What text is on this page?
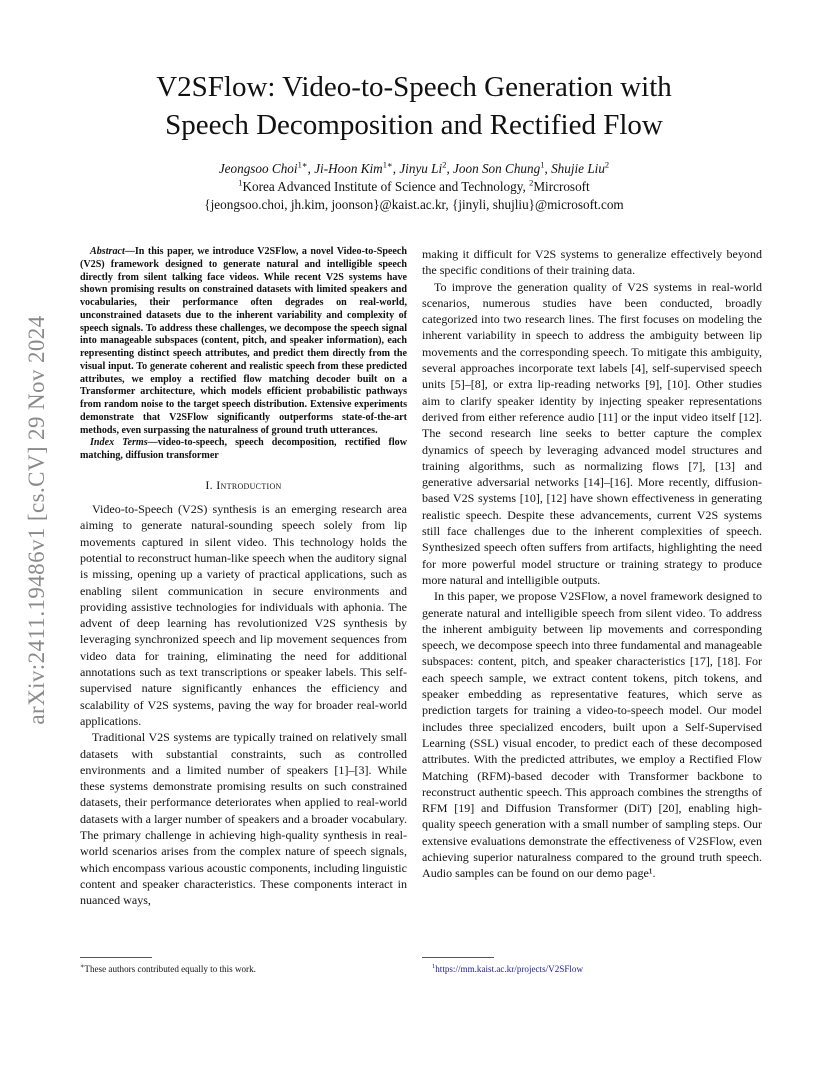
arXiv:2411.19486v1 [cs.CV] 29 Nov 2024
V2SFlow: Video-to-Speech Generation with
Speech Decomposition and Rectified Flow
Jeongsoo Choi$^{1∗}$, Ji-Hoon Kim$^{1∗}$, Jinyu Li$^2$, Joon Son Chung$^1$, Shujie Liu$^2$
$^1$Korea Advanced Institute of Science and Technology, $^2$Mircrosoft
{jeongsoo.choi, jh.kim, joonson}@kaist.ac.kr, {jinyli, shujliu}@microsoft.com

Abstract—In this paper, we introduce V2SFlow, a novel Video-to-Speech (V2S) framework designed to generate natural and intelligible speech directly from silent talking face videos. While recent V2S systems have shown promising results on constrained datasets with limited speakers and vocabularies, their performance often degrades on real-world, unconstrained datasets due to the inherent variability and complexity of speech signals. To address these challenges, we decompose the speech signal into manageable subspaces (content, pitch, and speaker information), each representing distinct speech attributes, and predict them directly from the visual input. To generate coherent and realistic speech from these predicted attributes, we employ a rectified flow matching decoder built on a Transformer architecture, which models efficient probabilistic pathways from random noise to the target speech distribution. Extensive experiments demonstrate that V2SFlow significantly outperforms state-of-the-art methods, even surpassing the naturalness of ground truth utterances.

Index Terms—video-to-speech, speech decomposition, rectified flow matching, diffusion transformer

I. Introduction

Video-to-Speech (V2S) synthesis is an emerging research area aiming to generate natural-sounding speech solely from lip movements captured in silent video. This technology holds the potential to reconstruct human-like speech when the auditory signal is missing, opening up a variety of practical applications, such as enabling silent communication in secure environments and providing assistive technologies for individuals with aphonia. The advent of deep learning has revolutionized V2S synthesis by leveraging synchronized speech and lip movement sequences from video data for training, eliminating the need for additional annotations such as text transcriptions or speaker labels. This self-supervised nature significantly enhances the efficiency and scalability of V2S systems, paving the way for broader real-world applications.

Traditional V2S systems are typically trained on relatively small datasets with substantial constraints, such as controlled environments and a limited number of speakers [1]–[3]. While these systems demonstrate promising results on such constrained datasets, their performance deteriorates when applied to real-world datasets with a larger number of speakers and a broader vocabulary. The primary challenge in achieving high-quality synthesis in real-world scenarios arises from the complex nature of speech signals, which encompass various acoustic components, including linguistic content and speaker characteristics. These components interact in nuanced ways,

making it difficult for V2S systems to generalize effectively beyond the specific conditions of their training data.

To improve the generation quality of V2S systems in real-world scenarios, numerous studies have been conducted, broadly categorized into two research lines. The first focuses on modeling the inherent variability in speech to address the ambiguity between lip movements and the corresponding speech. To mitigate this ambiguity, several approaches incorporate text labels [4], self-supervised speech units [5]–[8], or extra lip-reading networks [9], [10]. Other studies aim to clarify speaker identity by injecting speaker representations derived from either reference audio [11] or the input video itself [12]. The second research line seeks to better capture the complex dynamics of speech by leveraging advanced model structures and training algorithms, such as normalizing flows [7], [13] and generative adversarial networks [14]–[16]. More recently, diffusion-based V2S systems [10], [12] have shown effectiveness in generating realistic speech. Despite these advancements, current V2S systems still face challenges due to the inherent complexities of speech. Synthesized speech often suffers from artifacts, highlighting the need for more powerful model structure or training strategy to produce more natural and intelligible outputs.

In this paper, we propose V2SFlow, a novel framework designed to generate natural and intelligible speech from silent video. To address the inherent ambiguity between lip movements and corresponding speech, we decompose speech into three fundamental and manageable subspaces: content, pitch, and speaker characteristics [17], [18]. For each speech sample, we extract content tokens, pitch tokens, and speaker embedding as representative features, which serve as prediction targets for training a video-to-speech model. Our model includes three specialized encoders, built upon a Self-Supervised Learning (SSL) visual encoder, to predict each of these decomposed attributes. With the predicted attributes, we employ a Rectified Flow Matching (RFM)-based decoder with Transformer backbone to reconstruct authentic speech. This approach combines the strengths of RFM [19] and Diffusion Transformer (DiT) [20], enabling high-quality speech generation with a small number of sampling steps. Our extensive evaluations demonstrate the effectiveness of V2SFlow, even achieving superior naturalness compared to the ground truth speech. Audio samples can be found on our demo page¹.

∗These authors contributed equally to this work.	$^1$https://mm.kaist.ac.kr/projects/V2SFlow
